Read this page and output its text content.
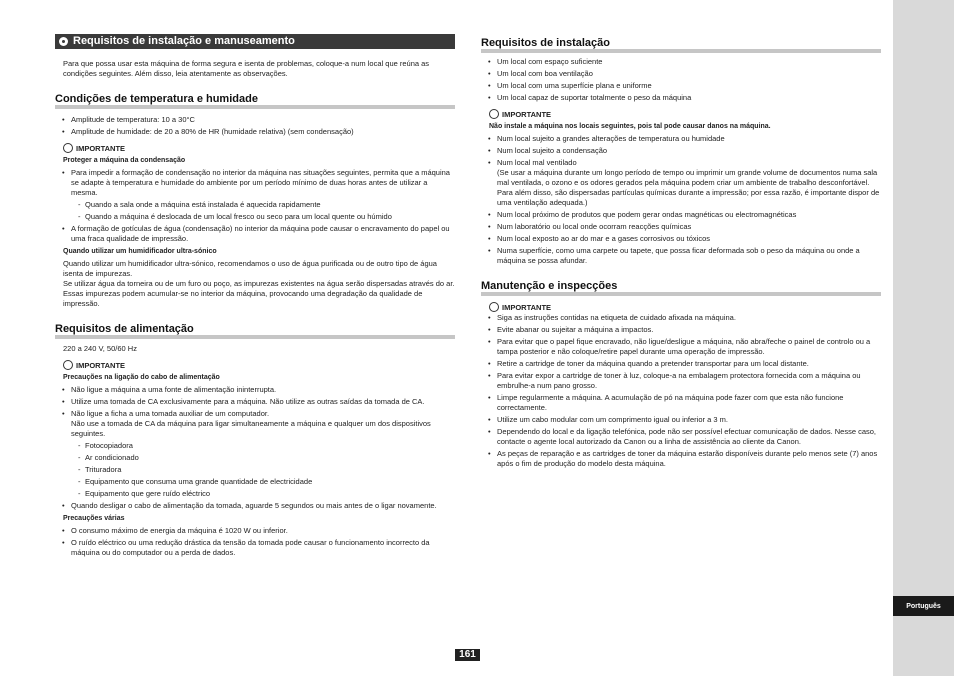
Português
Requisitos de instalação e manuseamento

Para que possa usar esta máquina de forma segura e isenta de problemas, coloque-a num local que reúna as condições seguintes. Além disso, leia atentamente as observações.

Condições de temperatura e humidade
• Amplitude de temperatura: 10 a 30°C
• Amplitude de humidade: de 20 a 80% de HR (humidade relativa) (sem condensação)
IMPORTANTE
Proteger a máquina da condensação
• Para impedir a formação de condensação no interior da máquina nas situações seguintes, permita que a máquina se adapte à temperatura e humidade do ambiente por um período mínimo de duas horas antes de utilizar a mesma.
- Quando a sala onde a máquina está instalada é aquecida rapidamente
- Quando a máquina é deslocada de um local fresco ou seco para um local quente ou húmido
• A formação de gotículas de água (condensação) no interior da máquina pode causar o encravamento do papel ou uma fraca qualidade de impressão.
Quando utilizar um humidificador ultra-sónico

Quando utilizar um humidificador ultra-sónico, recomendamos o uso de água purificada ou de outro tipo de água isenta de impurezas.

Se utilizar água da torneira ou de um furo ou poço, as impurezas existentes na água serão dispersadas através do ar. Essas impurezas podem acumular-se no interior da máquina, provocando uma degradação da qualidade de impressão.

Requisitos de alimentação

220 a 240 V, 50/60 Hz

IMPORTANTE
Precauções na ligação do cabo de alimentação
• Não ligue a máquina a uma fonte de alimentação ininterrupta.
• Utilize uma tomada de CA exclusivamente para a máquina. Não utilize as outras saídas da tomada de CA.
• Não ligue a ficha a uma tomada auxiliar de um computador.
Não use a tomada de CA da máquina para ligar simultaneamente a máquina e qualquer um dos dispositivos seguintes.
- Fotocopiadora
- Ar condicionado
- Trituradora
- Equipamento que consuma uma grande quantidade de electricidade
- Equipamento que gere ruído eléctrico
• Quando desligar o cabo de alimentação da tomada, aguarde 5 segundos ou mais antes de o ligar novamente.
Precauções várias
• O consumo máximo de energia da máquina é 1020 W ou inferior.
• O ruído eléctrico ou uma redução drástica da tensão da tomada pode causar o funcionamento incorrecto da máquina ou do computador ou a perda de dados.
Requisitos de instalação
• Um local com espaço suficiente
• Um local com boa ventilação
• Um local com uma superfície plana e uniforme
• Um local capaz de suportar totalmente o peso da máquina
IMPORTANTE
Não instale a máquina nos locais seguintes, pois tal pode causar danos na máquina.
• Num local sujeito a grandes alterações de temperatura ou humidade
• Num local sujeito a condensação
• Num local mal ventilado
(Se usar a máquina durante um longo período de tempo ou imprimir um grande volume de documentos numa sala mal ventilada, o ozono e os odores gerados pela máquina podem criar um ambiente de trabalho desconfortável. Para além disso, são dispersadas partículas químicas durante a impressão; por essa razão, é importante dispor de uma ventilação adequada.)
• Num local próximo de produtos que podem gerar ondas magnéticas ou electromagnéticas
• Num laboratório ou local onde ocorram reacções químicas
• Num local exposto ao ar do mar e a gases corrosivos ou tóxicos
• Numa superfície, como uma carpete ou tapete, que possa ficar deformada sob o peso da máquina ou onde a máquina se possa afundar.
Manutenção e inspecções
IMPORTANTE
• Siga as instruções contidas na etiqueta de cuidado afixada na máquina.
• Evite abanar ou sujeitar a máquina a impactos.
• Para evitar que o papel fique encravado, não ligue/desligue a máquina, não abra/feche o painel de controlo ou a tampa posterior e não coloque/retire papel durante uma operação de impressão.
• Retire a cartridge de toner da máquina quando a pretender transportar para um local distante.
• Para evitar expor a cartridge de toner à luz, coloque-a na embalagem protectora fornecida com a máquina ou embrulhe-a num pano grosso.
• Limpe regularmente a máquina. A acumulação de pó na máquina pode fazer com que esta não funcione correctamente.
• Utilize um cabo modular com um comprimento igual ou inferior a 3 m.
• Dependendo do local e da ligação telefónica, pode não ser possível efectuar comunicação de dados. Nesse caso, contacte o agente local autorizado da Canon ou a linha de assistência ao cliente da Canon.
• As peças de reparação e as cartridges de toner da máquina estarão disponíveis durante pelo menos sete (7) anos após o fim de produção do modelo desta máquina.
161
